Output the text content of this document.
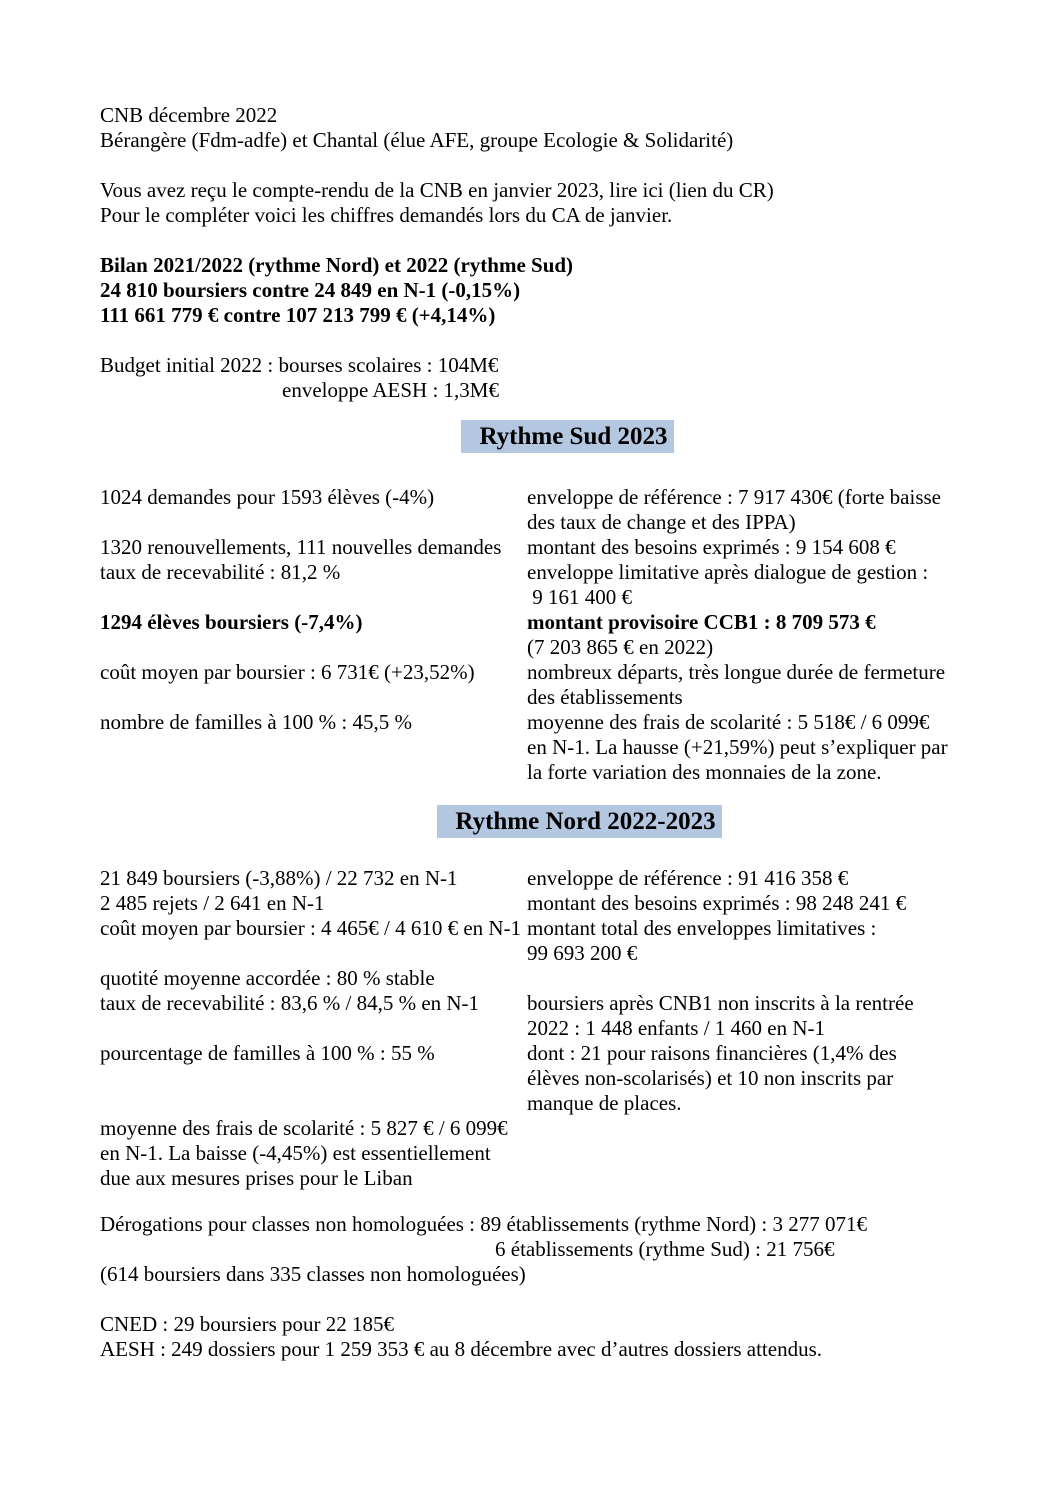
CNB décembre 2022
Bérangère (Fdm-adfe) et Chantal (élue AFE, groupe Ecologie & Solidarité)
Vous avez reçu le compte-rendu de la CNB en janvier 2023, lire ici (lien du CR)
Pour le compléter voici les chiffres demandés lors du CA de janvier.
Bilan 2021/2022 (rythme Nord) et 2022 (rythme Sud)
24 810 boursiers contre 24 849 en N-1 (-0,15%)
111 661 779 € contre 107 213 799 € (+4,14%)
Budget initial 2022 : bourses scolaires : 104M€
enveloppe AESH : 1,3M€
Rythme Sud 2023
1024 demandes pour 1593 élèves (-4%)	enveloppe de référence : 7 917 430€ (forte baisse
des taux de change et des IPPA)
1320 renouvellements, 111 nouvelles demandes	montant des besoins exprimés : 9 154 608 €
taux de recevabilité : 81,2 %	enveloppe limitative après dialogue de gestion :
9 161 400 €
1294 élèves boursiers (-7,4%)	montant provisoire CCB1 : 8 709 573 €
(7 203 865 € en 2022)
coût moyen par boursier : 6 731€ (+23,52%)	nombreux départs, très longue durée de fermeture
des établissements
nombre de familles à 100 % : 45,5 %	moyenne des frais de scolarité : 5 518€ / 6 099€
en N-1. La hausse (+21,59%) peut s’expliquer par
la forte variation des monnaies de la zone.
Rythme Nord 2022-2023
21 849 boursiers (-3,88%) / 22 732 en N-1	enveloppe de référence : 91 416 358 €
2 485 rejets / 2 641 en N-1	montant des besoins exprimés : 98 248 241 €
coût moyen par boursier : 4 465€ / 4 610 € en N-1 montant total des enveloppes limitatives :
99 693 200 €
quotité moyenne accordée : 80 % stable
taux de recevabilité : 83,6 % / 84,5 % en N-1	boursiers après CNB1 non inscrits à la rentrée
2022 : 1 448 enfants / 1 460 en N-1
pourcentage de familles à 100 % : 55 %	dont : 21 pour raisons financières (1,4% des
élèves non-scolarisés) et 10 non inscrits par
manque de places.
moyenne des frais de scolarité : 5 827 € / 6 099€
en N-1. La baisse (-4,45%) est essentiellement
due aux mesures prises pour le Liban
Dérogations pour classes non homologuées : 89 établissements (rythme Nord) : 3 277 071€
6 établissements (rythme Sud) : 21 756€
(614 boursiers dans 335 classes non homologuées)
CNED : 29 boursiers pour 22 185€
AESH : 249 dossiers pour 1 259 353 € au 8 décembre avec d’autres dossiers attendus.
